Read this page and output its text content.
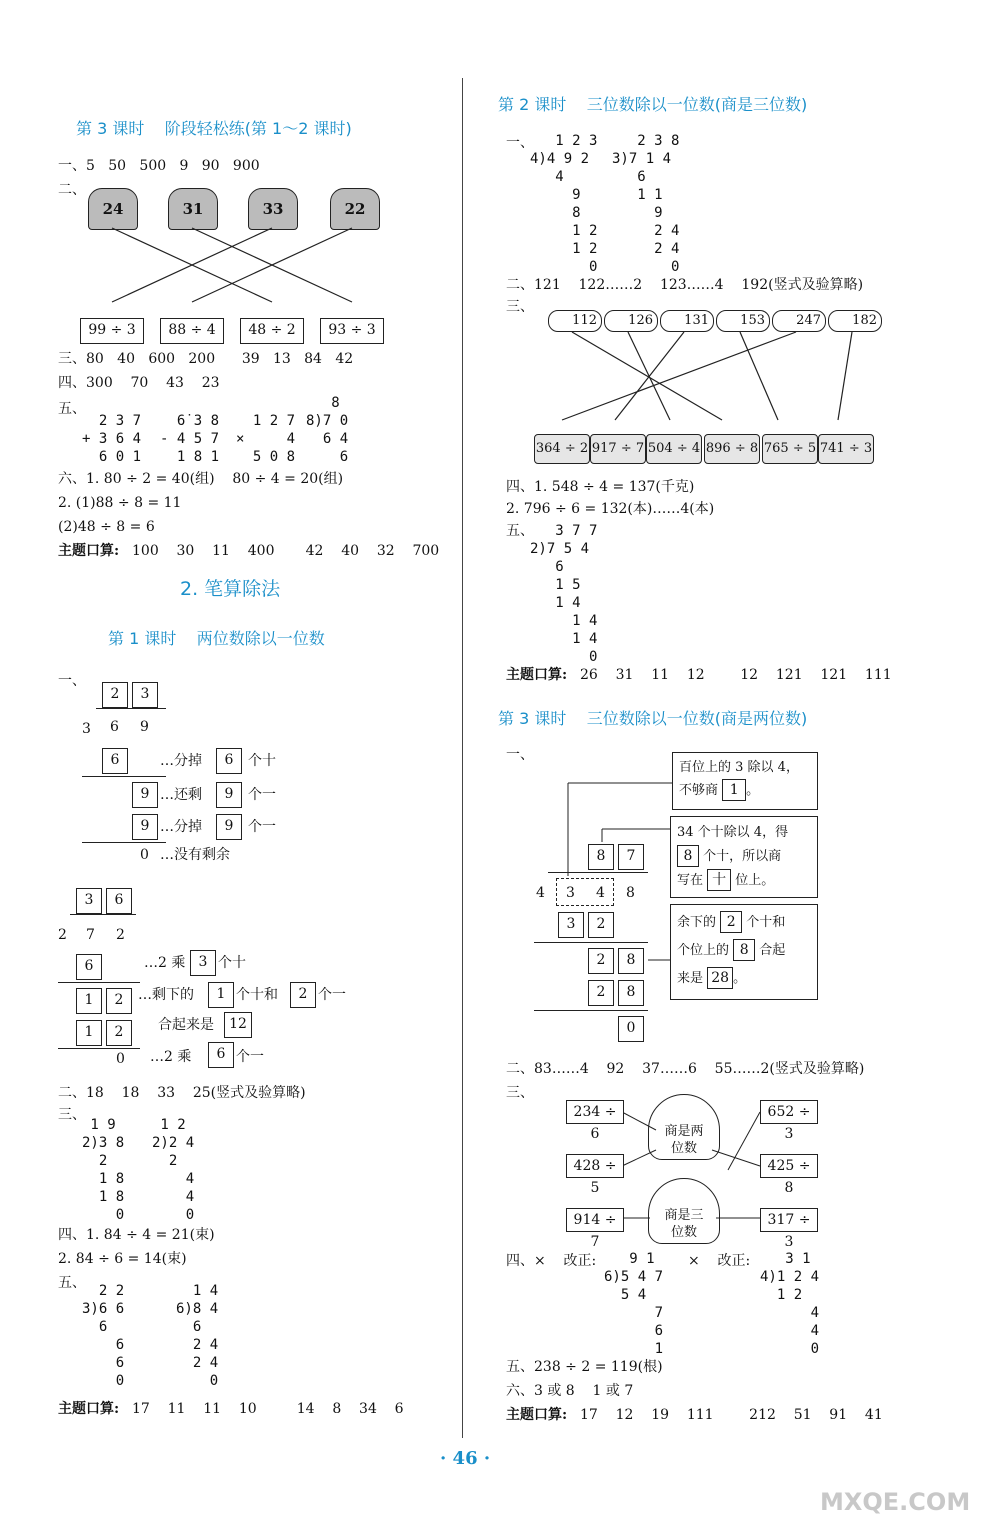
第 3 课时    阶段轻松练(第 1～2 课时)
一、5   50   500   9   90   900
二、
24	31	33	22
99 ÷ 3	88 ÷ 4	48 ÷ 2	93 ÷ 3
三、80   40   600   200      39   13   84   42
四、300    70    43    23
五、
2 3 7
+ 3 6 4
6 0 1
6̇ 3 8
- 4 5 7
1 8 1
1 2 7
×     4
5 0 8
8
8)7 0
6 4
6
六、1. 80 ÷ 2 = 40(组)    80 ÷ 4 = 20(组)
2. (1)88 ÷ 8 = 11
(2)48 ÷ 8 = 6
主题口算: 100    30    11    400       42    40    32    700
2. 笔算除法
第 1 课时    两位数除以一位数
一、
2	3
3 6 9
6	…分掉	6	个十
9 …还剩	9	个一
9 …分掉	9	个一
0 …没有剩余
3	6
2 7 2
6	…2 乘 3 个十
1	2	…剩下的	1 个十和	2 个一
1	2	合起来是	12
0 …2 乘	6 个一
二、18    18    33    25(竖式及验算略)
三、
1 9
2)3 8
2
1 8
1 8
0
1 2
2)2 4
2
4
4
0
四、1. 84 ÷ 4 = 21(束)
2. 84 ÷ 6 = 14(束)
五、 2 2
3)6 6
6
6
6
0
1 4
6)8 4
6
2 4
2 4
0
主题口算: 17    11    11    10         14    8    34    6
第 2 课时    三位数除以一位数(商是三位数)
一、	1 2 3
4)4 9 2
4
9
8
1 2
1 2
0
2 3 8
3)7 1 4
6
1 1
9
2 4
2 4
0
二、121    122……2    123……4    192(竖式及验算略)
三、
112	126	131	153	247	182
364 ÷ 2 917 ÷ 7 504 ÷ 4 896 ÷ 8 765 ÷ 5 741 ÷ 3
四、1. 548 ÷ 4 = 137(千克)
2. 796 ÷ 6 = 132(本)……4(本)
五、	3 7 7
2)7 5 4
6
1 5
1 4
1 4
1 4
0
主题口算: 26    31    11    12        12    121    121    111
第 3 课时    三位数除以一位数(商是两位数)
一、
百位上的 3 除以 4，
不够商 1 。
34 个十除以 4，得
8 个十，所以商
写在 十 位上。
余下的 2 个十和
个位上的 8 合起
来是 28 。
8	7
4 3 4 8
3	2
2	8
2	8
0
二、83……4    92    37……6    55……2(竖式及验算略)
三、
234 ÷ 6
428 ÷ 5
914 ÷ 7
652 ÷ 3
425 ÷ 8
317 ÷ 3
商是两
位数
商是三
位数
四、×    改正:	9 1
6)5 4 7
5 4
7
6
1
×    改正:	3 1
4)1 2 4
1 2
4
4
0
五、238 ÷ 2 = 119(根)
六、3 或 8    1 或 7
主题口算: 17    12    19    111        212    51    91    41
· 46 ·
MXQE.COM
